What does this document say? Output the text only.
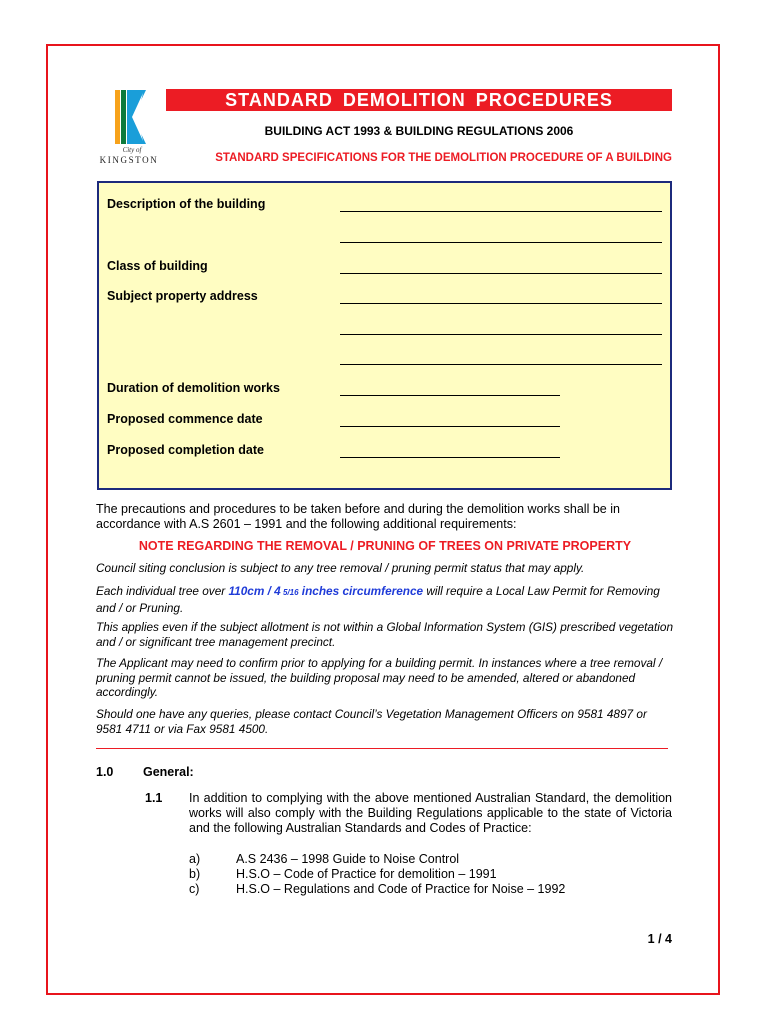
City of
KINGSTON
STANDARD DEMOLITION PROCEDURES
BUILDING ACT 1993 & BUILDING REGULATIONS 2006
STANDARD SPECIFICATIONS FOR THE DEMOLITION PROCEDURE OF A BUILDING
Description of the building
Class of building
Subject property address
Duration of demolition works
Proposed commence date
Proposed completion date
The precautions and procedures to be taken before and during the demolition works shall be in accordance with A.S 2601 – 1991 and the following additional requirements:
NOTE REGARDING THE REMOVAL / PRUNING OF TREES ON PRIVATE PROPERTY
Council siting conclusion is subject to any tree removal / pruning permit status that may apply.
Each individual tree over 110cm / 4 5/16 inches circumference will require a Local Law Permit for Removing and / or Pruning.
This applies even if the subject allotment is not within a Global Information System (GIS) prescribed vegetation and / or significant tree management precinct.
The Applicant may need to confirm prior to applying for a building permit. In instances where a tree removal / pruning permit cannot be issued, the building proposal may need to be amended, altered or abandoned accordingly.
Should one have any queries, please contact Council’s Vegetation Management Officers on 9581 4897 or 9581 4711 or via Fax 9581 4500.
1.0 General:
1.1 In addition to complying with the above mentioned Australian Standard, the demolition works will also comply with the Building Regulations applicable to the state of Victoria and the following Australian Standards and Codes of Practice:
a)	A.S 2436 – 1998 Guide to Noise Control
b)	H.S.O – Code of Practice for demolition – 1991
c)	H.S.O – Regulations and Code of Practice for Noise – 1992
1 / 4
